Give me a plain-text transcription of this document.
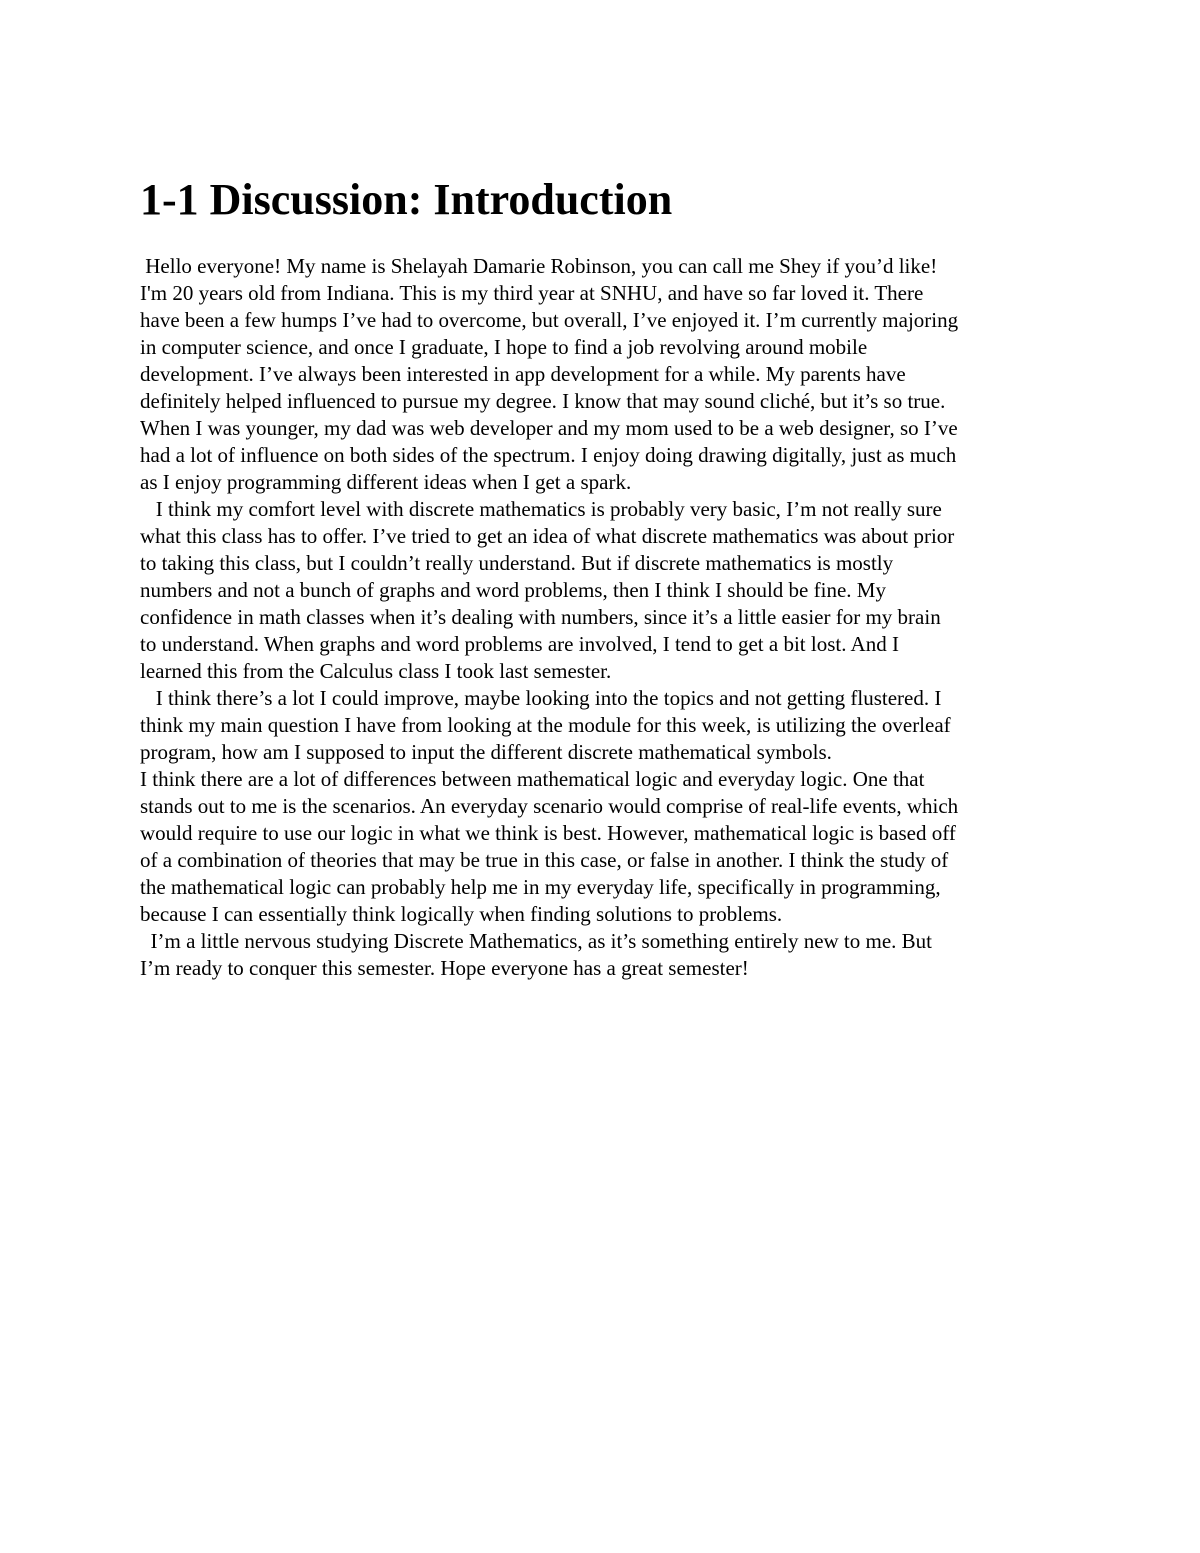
1-1 Discussion: Introduction
Hello everyone! My name is Shelayah Damarie Robinson, you can call me Shey if you’d like!
I'm 20 years old from Indiana. This is my third year at SNHU, and have so far loved it. There
have been a few humps I’ve had to overcome, but overall, I’ve enjoyed it. I’m currently majoring
in computer science, and once I graduate, I hope to find a job revolving around mobile
development. I’ve always been interested in app development for a while. My parents have
definitely helped influenced to pursue my degree. I know that may sound cliché, but it’s so true.
When I was younger, my dad was web developer and my mom used to be a web designer, so I’ve
had a lot of influence on both sides of the spectrum. I enjoy doing drawing digitally, just as much
as I enjoy programming different ideas when I get a spark.
I think my comfort level with discrete mathematics is probably very basic, I’m not really sure
what this class has to offer. I’ve tried to get an idea of what discrete mathematics was about prior
to taking this class, but I couldn’t really understand. But if discrete mathematics is mostly
numbers and not a bunch of graphs and word problems, then I think I should be fine. My
confidence in math classes when it’s dealing with numbers, since it’s a little easier for my brain
to understand. When graphs and word problems are involved, I tend to get a bit lost. And I
learned this from the Calculus class I took last semester.
I think there’s a lot I could improve, maybe looking into the topics and not getting flustered. I
think my main question I have from looking at the module for this week, is utilizing the overleaf
program, how am I supposed to input the different discrete mathematical symbols.
I think there are a lot of differences between mathematical logic and everyday logic. One that
stands out to me is the scenarios. An everyday scenario would comprise of real-life events, which
would require to use our logic in what we think is best. However, mathematical logic is based off
of a combination of theories that may be true in this case, or false in another. I think the study of
the mathematical logic can probably help me in my everyday life, specifically in programming,
because I can essentially think logically when finding solutions to problems.
I’m a little nervous studying Discrete Mathematics, as it’s something entirely new to me. But
I’m ready to conquer this semester. Hope everyone has a great semester!
